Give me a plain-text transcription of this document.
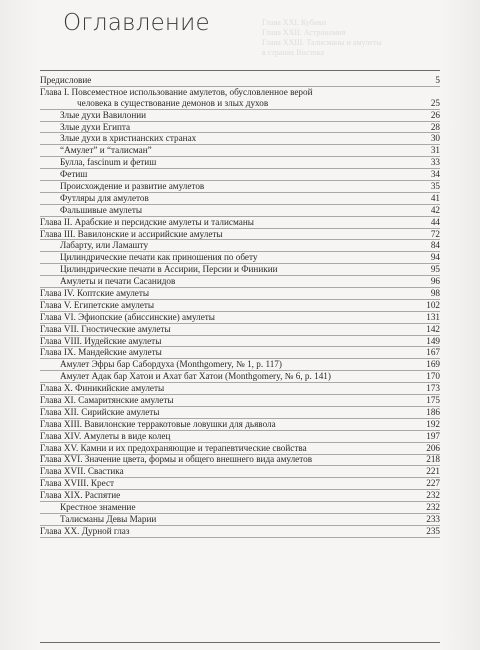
Глава XXI. Кубики
Глава XXII. Астрономия
Глава XXIII. Талисманы и амулеты
в странах Востока
Оглавление
Предисловие	5
Глава I. Повсеместное использование амулетов, обусловленное верой
человека в существование демонов и злых духов	25
Злые духи Вавилонии	26
Злые духи Египта	28
Злые духи в христианских странах	30
“Амулет” и “талисман”	31
Булла, fascinum и фетиш	33
Фетиш	34
Происхождение и развитие амулетов	35
Футляры для амулетов	41
Фальшивые амулеты	42
Глава II. Арабские и персидские амулеты и талисманы	44
Глава III. Вавилонские и ассирийские амулеты	72
Лабарту, или Ламашту	84
Цилиндрические печати как приношения по обету	94
Цилиндрические печати в Ассирии, Персии и Финикии	95
Амулеты и печати Сасанидов	96
Глава IV. Коптские амулеты	98
Глава V. Египетские амулеты	102
Глава VI. Эфиопские (абиссинские) амулеты	131
Глава VII. Гностические амулеты	142
Глава VIII. Иудейские амулеты	149
Глава IX. Мандейские амулеты	167
Амулет Эфры бар Сабордуха (Monthgomery, № 1, p. 117)	169
Амулет Адак бар Хатои и Ахат бат Хатои (Monthgomery, № 6, p. 141)	170
Глава X. Финикийские амулеты	173
Глава XI. Самаритянские амулеты	175
Глава XII. Сирийские амулеты	186
Глава XIII. Вавилонские терракотовые ловушки для дьявола	192
Глава XIV. Амулеты в виде колец	197
Глава XV. Камни и их предохраняющие и терапевтические свойства	206
Глава XVI. Значение цвета, формы и общего внешнего вида амулетов	218
Глава XVII. Свастика	221
Глава XVIII. Крест	227
Глава XIX. Распятие	232
Крестное знамение	232
Талисманы Девы Марии	233
Глава XX. Дурной глаз	235
